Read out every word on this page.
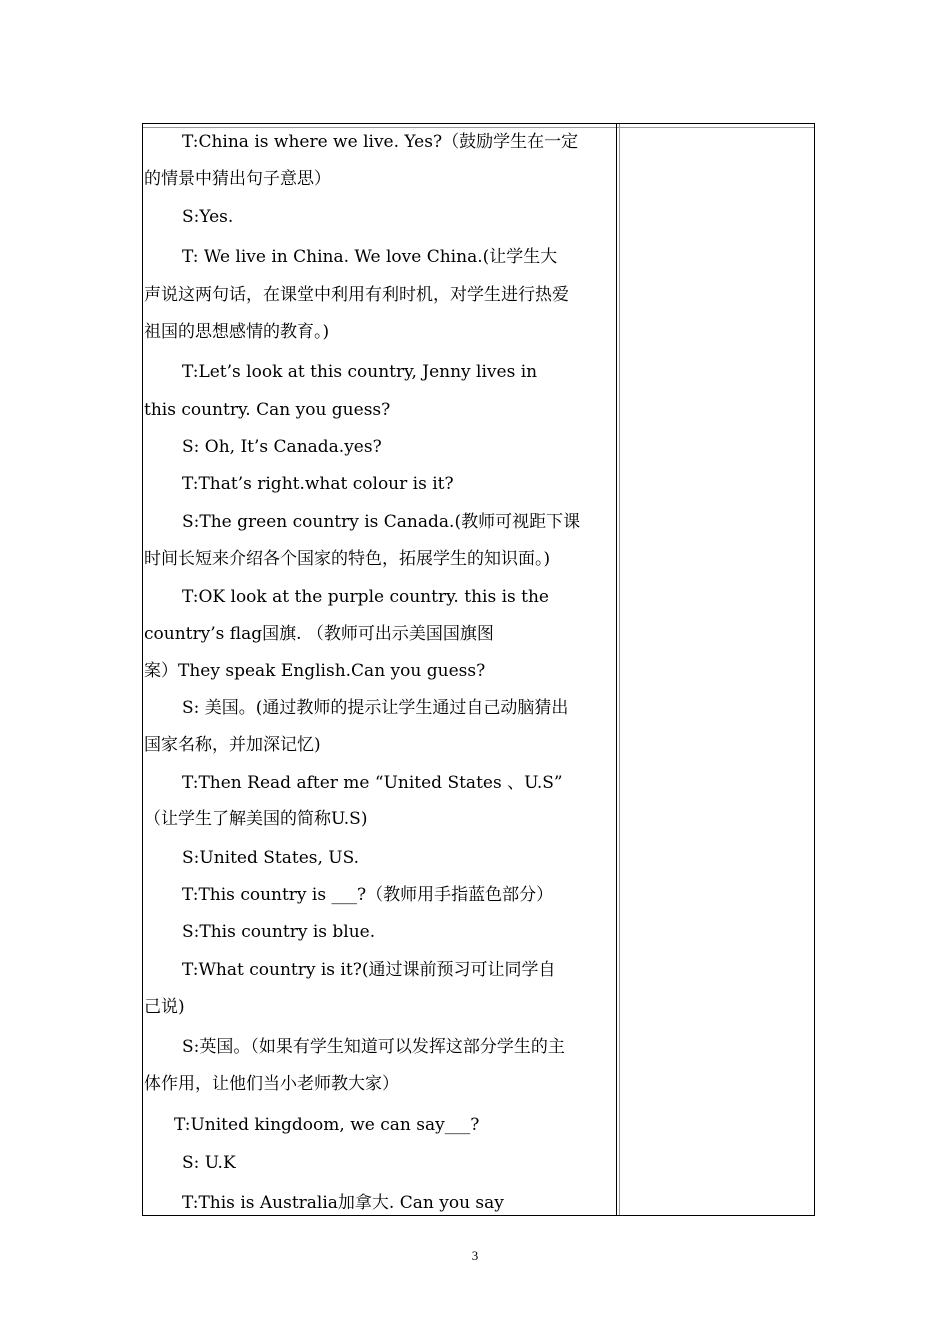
T:China is where we live. Yes?（鼓励学生在一定
的情景中猜出句子意思）
S:Yes.
T: We live in China. We love China.(让学生大
声说这两句话，在课堂中利用有利时机，对学生进行热爱
祖国的思想感情的教育。)
T:Let’s look at this country, Jenny lives in
this country. Can you guess?
S: Oh, It’s Canada.yes?
T:That’s right.what colour is it?
S:The green country is Canada.(教师可视距下课
时间长短来介绍各个国家的特色，拓展学生的知识面。)
T:OK look at the purple country. this is the
country’s flag国旗. （教师可出示美国国旗图
案）They speak English.Can you guess?
S: 美国。(通过教师的提示让学生通过自己动脑猜出
国家名称，并加深记忆)
T:Then Read after me “United States 、U.S”
（让学生了解美国的简称U.S)
S:United States, US.
T:This country is ___?（教师用手指蓝色部分）
S:This country is blue.
T:What country is it?(通过课前预习可让同学自
己说)
S:英国。（如果有学生知道可以发挥这部分学生的主
体作用，让他们当小老师教大家）
T:United kingdoom, we can say___?
S: U.K
T:This is Australia加拿大. Can you say
3
